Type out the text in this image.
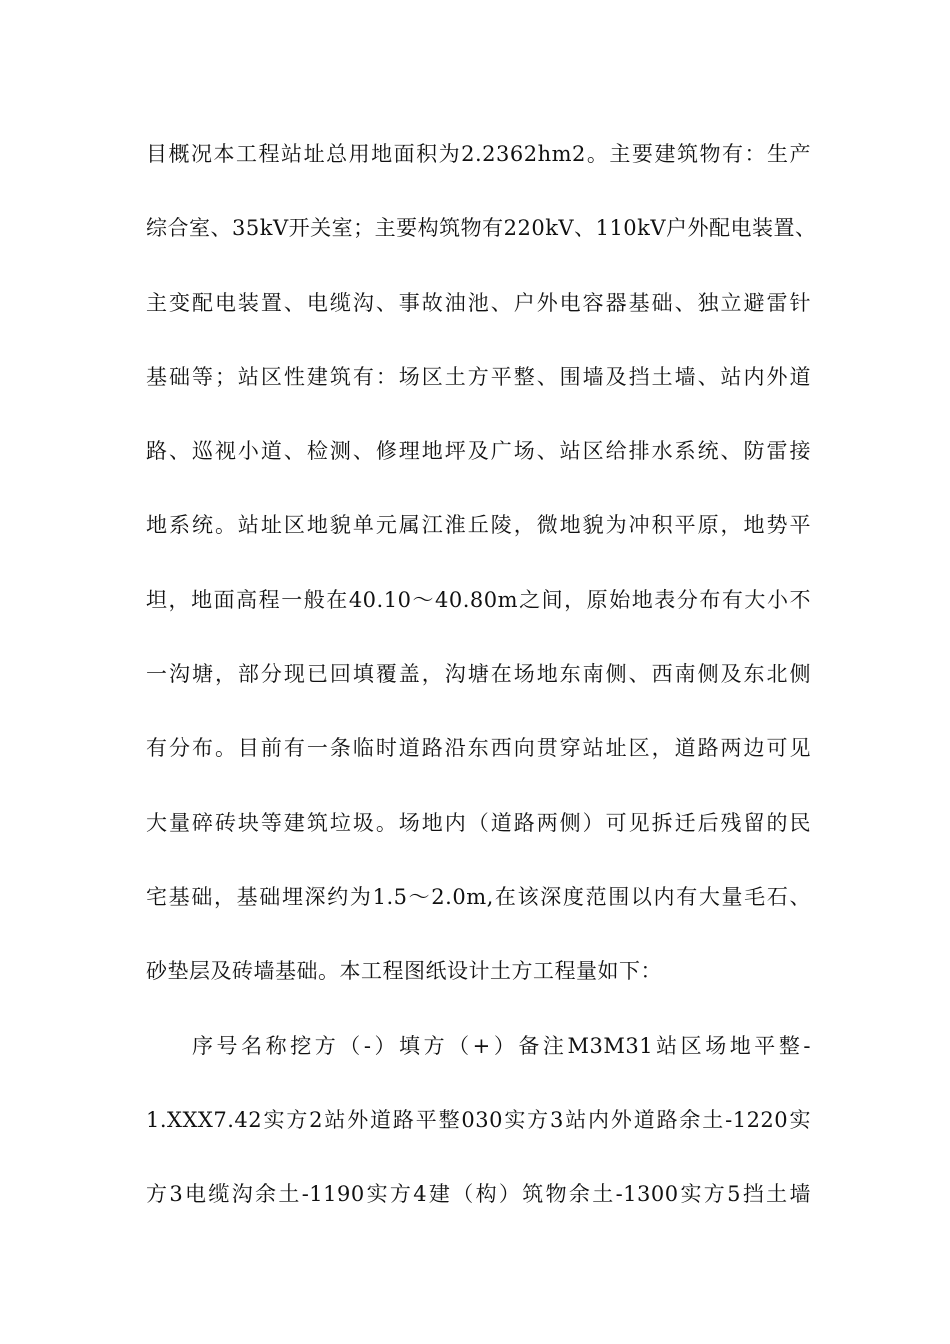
目概况本工程站址总用地面积为2.2362hm2。主要建筑物有：生产
综合室、35kV开关室；主要构筑物有220kV、110kV户外配电装置、
主变配电装置、电缆沟、事故油池、户外电容器基础、独立避雷针
基础等；站区性建筑有：场区土方平整、围墙及挡土墙、站内外道
路、巡视小道、检测、修理地坪及广场、站区给排水系统、防雷接
地系统。站址区地貌单元属江淮丘陵，微地貌为冲积平原，地势平
坦，地面高程一般在40.10～40.80m之间，原始地表分布有大小不
一沟塘，部分现已回填覆盖，沟塘在场地东南侧、西南侧及东北侧
有分布。目前有一条临时道路沿东西向贯穿站址区，道路两边可见
大量碎砖块等建筑垃圾。场地内（道路两侧）可见拆迁后残留的民
宅基础，基础埋深约为1.5～2.0m,在该深度范围以内有大量毛石、
砂垫层及砖墙基础。本工程图纸设计土方工程量如下：
序号名称挖方（-）填方（+）备注M3M31站区场地平整-
1.XXX7.42实方2站外道路平整030实方3站内外道路余土-1220实
方3电缆沟余土-1190实方4建（构）筑物余土-1300实方5挡土墙
